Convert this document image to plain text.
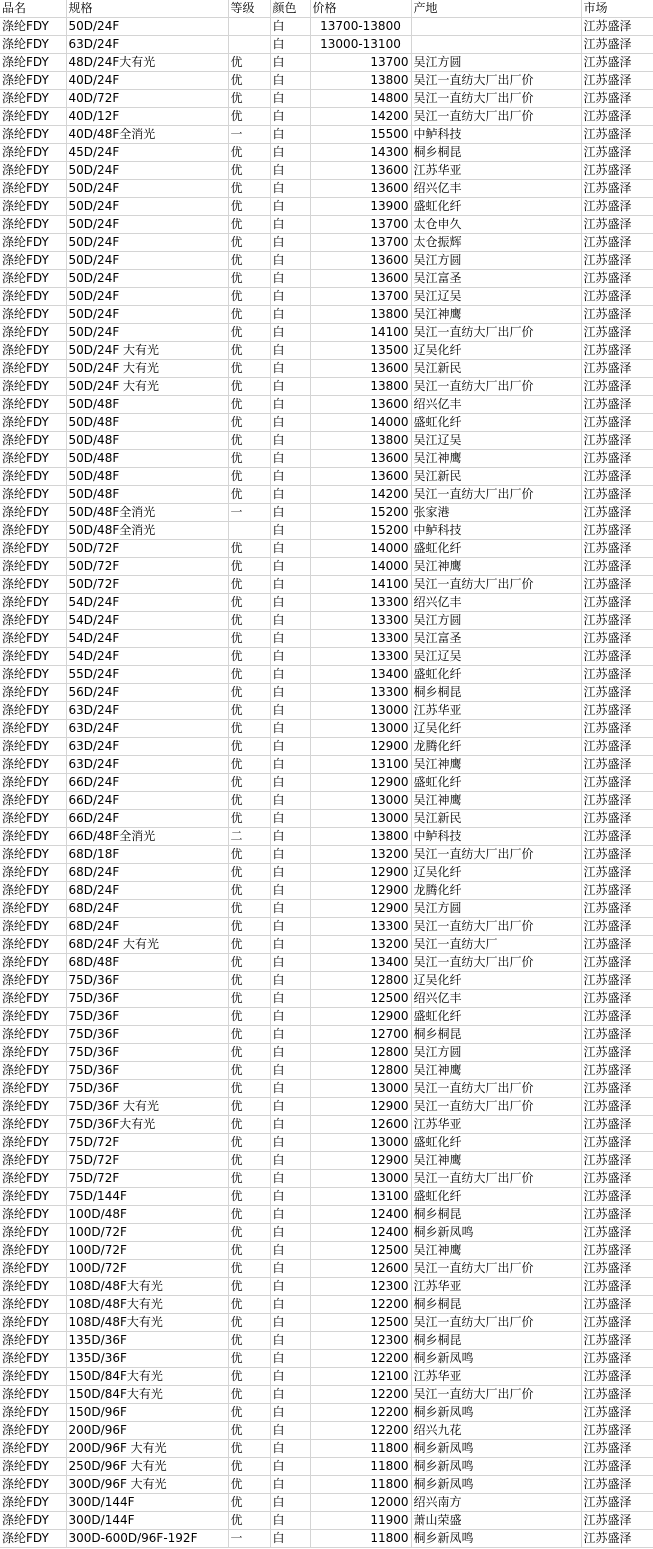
品名	规格	等级	颜色	价格	产地	市场
涤纶FDY	50D/24F		白	13700-13800		江苏盛泽
涤纶FDY	63D/24F		白	13000-13100		江苏盛泽
涤纶FDY	48D/24F大有光	优	白	13700	吴江方圆	江苏盛泽
涤纶FDY	40D/24F	优	白	13800	吴江一直纺大厂出厂价	江苏盛泽
涤纶FDY	40D/72F	优	白	14800	吴江一直纺大厂出厂价	江苏盛泽
涤纶FDY	40D/12F	优	白	14200	吴江一直纺大厂出厂价	江苏盛泽
涤纶FDY	40D/48F全消光	一	白	15500	中鲈科技	江苏盛泽
涤纶FDY	45D/24F	优	白	14300	桐乡桐昆	江苏盛泽
涤纶FDY	50D/24F	优	白	13600	江苏华亚	江苏盛泽
涤纶FDY	50D/24F	优	白	13600	绍兴亿丰	江苏盛泽
涤纶FDY	50D/24F	优	白	13900	盛虹化纤	江苏盛泽
涤纶FDY	50D/24F	优	白	13700	太仓申久	江苏盛泽
涤纶FDY	50D/24F	优	白	13700	太仓振辉	江苏盛泽
涤纶FDY	50D/24F	优	白	13600	吴江方圆	江苏盛泽
涤纶FDY	50D/24F	优	白	13600	吴江富圣	江苏盛泽
涤纶FDY	50D/24F	优	白	13700	吴江辽吴	江苏盛泽
涤纶FDY	50D/24F	优	白	13800	吴江神鹰	江苏盛泽
涤纶FDY	50D/24F	优	白	14100	吴江一直纺大厂出厂价	江苏盛泽
涤纶FDY	50D/24F 大有光	优	白	13500	辽吴化纤	江苏盛泽
涤纶FDY	50D/24F 大有光	优	白	13600	吴江新民	江苏盛泽
涤纶FDY	50D/24F 大有光	优	白	13800	吴江一直纺大厂出厂价	江苏盛泽
涤纶FDY	50D/48F	优	白	13600	绍兴亿丰	江苏盛泽
涤纶FDY	50D/48F	优	白	14000	盛虹化纤	江苏盛泽
涤纶FDY	50D/48F	优	白	13800	吴江辽吴	江苏盛泽
涤纶FDY	50D/48F	优	白	13600	吴江神鹰	江苏盛泽
涤纶FDY	50D/48F	优	白	13600	吴江新民	江苏盛泽
涤纶FDY	50D/48F	优	白	14200	吴江一直纺大厂出厂价	江苏盛泽
涤纶FDY	50D/48F全消光	一	白	15200	张家港	江苏盛泽
涤纶FDY	50D/48F全消光		白	15200	中鲈科技	江苏盛泽
涤纶FDY	50D/72F	优	白	14000	盛虹化纤	江苏盛泽
涤纶FDY	50D/72F	优	白	14000	吴江神鹰	江苏盛泽
涤纶FDY	50D/72F	优	白	14100	吴江一直纺大厂出厂价	江苏盛泽
涤纶FDY	54D/24F	优	白	13300	绍兴亿丰	江苏盛泽
涤纶FDY	54D/24F	优	白	13300	吴江方圆	江苏盛泽
涤纶FDY	54D/24F	优	白	13300	吴江富圣	江苏盛泽
涤纶FDY	54D/24F	优	白	13300	吴江辽吴	江苏盛泽
涤纶FDY	55D/24F	优	白	13400	盛虹化纤	江苏盛泽
涤纶FDY	56D/24F	优	白	13300	桐乡桐昆	江苏盛泽
涤纶FDY	63D/24F	优	白	13000	江苏华亚	江苏盛泽
涤纶FDY	63D/24F	优	白	13000	辽吴化纤	江苏盛泽
涤纶FDY	63D/24F	优	白	12900	龙腾化纤	江苏盛泽
涤纶FDY	63D/24F	优	白	13100	吴江神鹰	江苏盛泽
涤纶FDY	66D/24F	优	白	12900	盛虹化纤	江苏盛泽
涤纶FDY	66D/24F	优	白	13000	吴江神鹰	江苏盛泽
涤纶FDY	66D/24F	优	白	13000	吴江新民	江苏盛泽
涤纶FDY	66D/48F全消光	二	白	13800	中鲈科技	江苏盛泽
涤纶FDY	68D/18F	优	白	13200	吴江一直纺大厂出厂价	江苏盛泽
涤纶FDY	68D/24F	优	白	12900	辽吴化纤	江苏盛泽
涤纶FDY	68D/24F	优	白	12900	龙腾化纤	江苏盛泽
涤纶FDY	68D/24F	优	白	12900	吴江方圆	江苏盛泽
涤纶FDY	68D/24F	优	白	13300	吴江一直纺大厂出厂价	江苏盛泽
涤纶FDY	68D/24F 大有光	优	白	13200	吴江一直纺大厂	江苏盛泽
涤纶FDY	68D/48F	优	白	13400	吴江一直纺大厂出厂价	江苏盛泽
涤纶FDY	75D/36F	优	白	12800	辽吴化纤	江苏盛泽
涤纶FDY	75D/36F	优	白	12500	绍兴亿丰	江苏盛泽
涤纶FDY	75D/36F	优	白	12900	盛虹化纤	江苏盛泽
涤纶FDY	75D/36F	优	白	12700	桐乡桐昆	江苏盛泽
涤纶FDY	75D/36F	优	白	12800	吴江方圆	江苏盛泽
涤纶FDY	75D/36F	优	白	12800	吴江神鹰	江苏盛泽
涤纶FDY	75D/36F	优	白	13000	吴江一直纺大厂出厂价	江苏盛泽
涤纶FDY	75D/36F 大有光	优	白	12900	吴江一直纺大厂出厂价	江苏盛泽
涤纶FDY	75D/36F大有光	优	白	12600	江苏华亚	江苏盛泽
涤纶FDY	75D/72F	优	白	13000	盛虹化纤	江苏盛泽
涤纶FDY	75D/72F	优	白	12900	吴江神鹰	江苏盛泽
涤纶FDY	75D/72F	优	白	13000	吴江一直纺大厂出厂价	江苏盛泽
涤纶FDY	75D/144F	优	白	13100	盛虹化纤	江苏盛泽
涤纶FDY	100D/48F	优	白	12400	桐乡桐昆	江苏盛泽
涤纶FDY	100D/72F	优	白	12400	桐乡新凤鸣	江苏盛泽
涤纶FDY	100D/72F	优	白	12500	吴江神鹰	江苏盛泽
涤纶FDY	100D/72F	优	白	12600	吴江一直纺大厂出厂价	江苏盛泽
涤纶FDY	108D/48F大有光	优	白	12300	江苏华亚	江苏盛泽
涤纶FDY	108D/48F大有光	优	白	12200	桐乡桐昆	江苏盛泽
涤纶FDY	108D/48F大有光	优	白	12500	吴江一直纺大厂出厂价	江苏盛泽
涤纶FDY	135D/36F	优	白	12300	桐乡桐昆	江苏盛泽
涤纶FDY	135D/36F	优	白	12200	桐乡新凤鸣	江苏盛泽
涤纶FDY	150D/84F大有光	优	白	12100	江苏华亚	江苏盛泽
涤纶FDY	150D/84F大有光	优	白	12200	吴江一直纺大厂出厂价	江苏盛泽
涤纶FDY	150D/96F	优	白	12200	桐乡新凤鸣	江苏盛泽
涤纶FDY	200D/96F	优	白	12200	绍兴九花	江苏盛泽
涤纶FDY	200D/96F 大有光	优	白	11800	桐乡新凤鸣	江苏盛泽
涤纶FDY	250D/96F 大有光	优	白	11800	桐乡新凤鸣	江苏盛泽
涤纶FDY	300D/96F 大有光	优	白	11800	桐乡新凤鸣	江苏盛泽
涤纶FDY	300D/144F	优	白	12000	绍兴南方	江苏盛泽
涤纶FDY	300D/144F	优	白	11900	萧山荣盛	江苏盛泽
涤纶FDY	300D-600D/96F-192F	一	白	11800	桐乡新凤鸣	江苏盛泽
